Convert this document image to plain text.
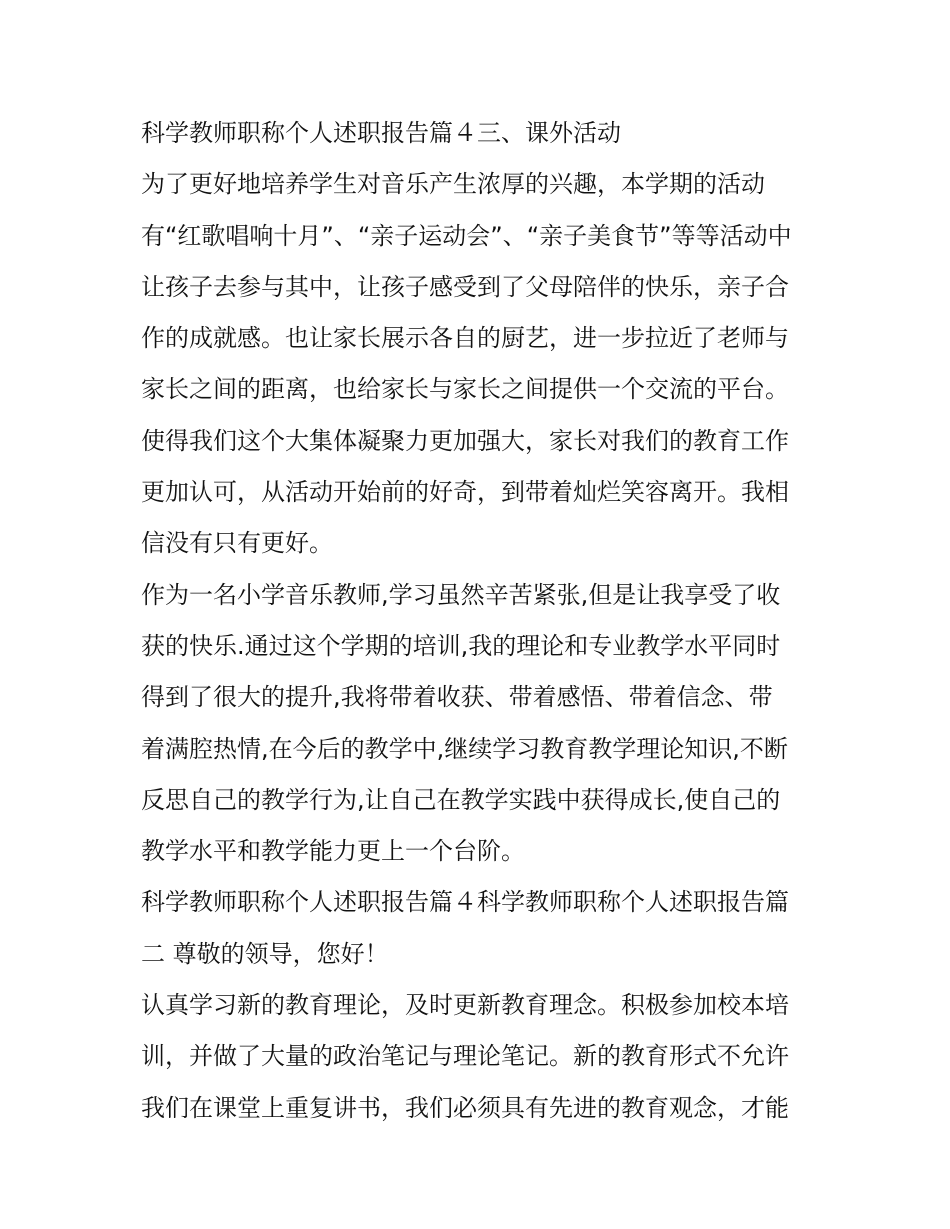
科学教师职称个人述职报告篇４三、课外活动
为了更好地培养学生对音乐产生浓厚的兴趣，本学期的活动
有“红歌唱响十月”、“亲子运动会”、“亲子美食节”等等活动中
让孩子去参与其中，让孩子感受到了父母陪伴的快乐，亲子合
作的成就感。也让家长展示各自的厨艺，进一步拉近了老师与
家长之间的距离，也给家长与家长之间提供一个交流的平台。
使得我们这个大集体凝聚力更加强大，家长对我们的教育工作
更加认可，从活动开始前的好奇，到带着灿烂笑容离开。我相
信没有只有更好。
作为一名小学音乐教师,学习虽然辛苦紧张,但是让我享受了收
获的快乐.通过这个学期的培训,我的理论和专业教学水平同时
得到了很大的提升,我将带着收获、带着感悟、带着信念、带
着满腔热情,在今后的教学中,继续学习教育教学理论知识,不断
反思自己的教学行为,让自己在教学实践中获得成长,使自己的
教学水平和教学能力更上一个台阶。
科学教师职称个人述职报告篇４科学教师职称个人述职报告篇
二 尊敬的领导，您好！
认真学习新的教育理论，及时更新教育理念。积极参加校本培
训，并做了大量的政治笔记与理论笔记。新的教育形式不允许
我们在课堂上重复讲书，我们必须具有先进的教育观念，才能
